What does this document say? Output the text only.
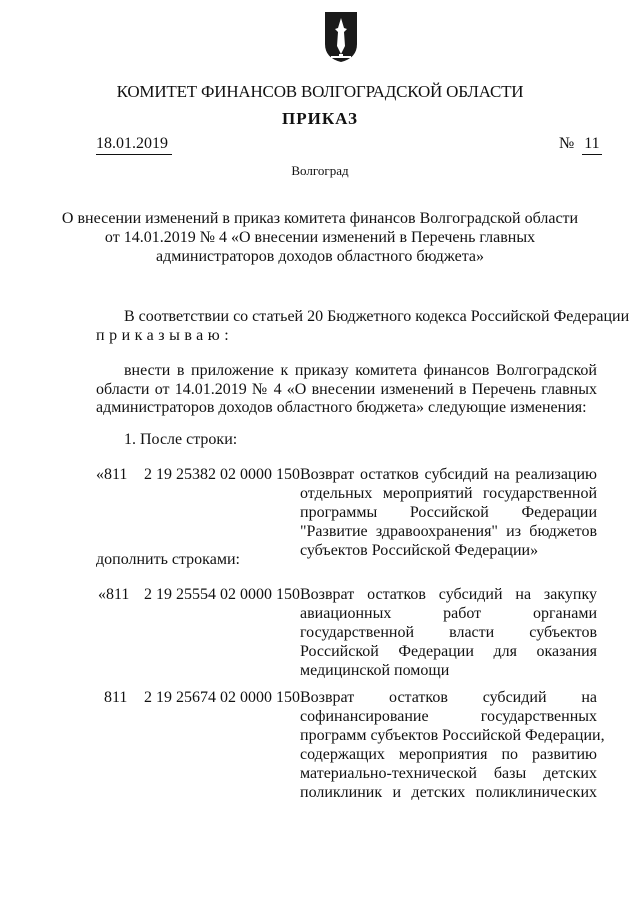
КОМИТЕТ ФИНАНСОВ ВОЛГОГРАДСКОЙ ОБЛАСТИ
ПРИКАЗ
18.01.2019	№ 11
Волгоград
О внесении изменений в приказ комитета финансов Волгоградской области
от 14.01.2019 № 4 «О внесении изменений в Перечень главных
администраторов доходов областного бюджета»
В соответствии со статьей 20 Бюджетного кодекса Российской Федерации
приказываю:
внести в приложение к приказу комитета финансов Волгоградской
области от 14.01.2019 № 4 «О внесении изменений в Перечень главных
администраторов доходов областного бюджета» следующие изменения:
1. После строки:
«811 2 19 25382 02 0000 150 Возврат остатков субсидий на реализацию
отдельных мероприятий государственной
программы Российской Федерации
"Развитие здравоохранения" из бюджетов
субъектов Российской Федерации»
дополнить строками:
«811 2 19 25554 02 0000 150 Возврат остатков субсидий на закупку
авиационных работ органами
государственной власти субъектов
Российской Федерации для оказания
медицинской помощи
811 2 19 25674 02 0000 150 Возврат остатков субсидий на
софинансирование государственных
программ субъектов Российской Федерации,
содержащих мероприятия по развитию
материально-технической базы детских
поликлиник и детских поликлинических
